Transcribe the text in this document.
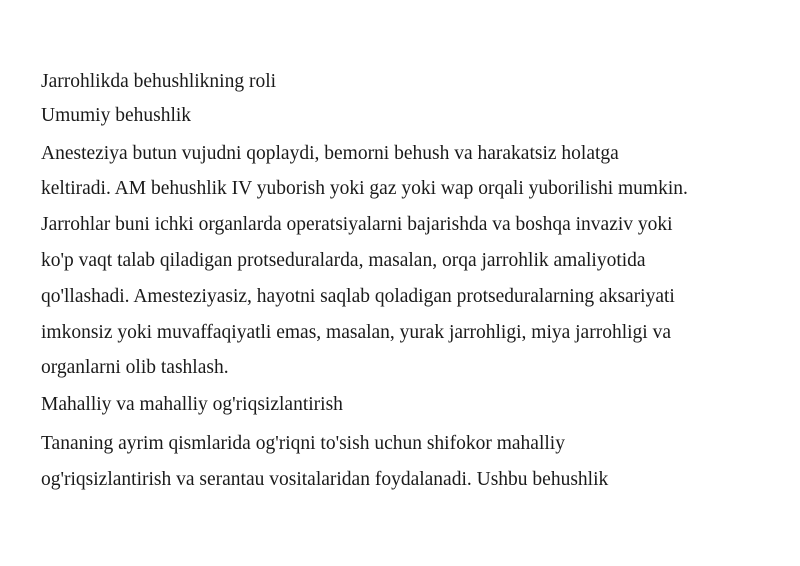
Jarrohlikda behushlikning roli
Umumiy behushlik
Anesteziya butun vujudni qoplaydi, bemorni behush va harakatsiz holatga
keltiradi. AM behushlik IV yuborish yoki gaz yoki wap orqali yuborilishi mumkin.
Jarrohlar buni ichki organlarda operatsiyalarni bajarishda va boshqa invaziv yoki
ko'p vaqt talab qiladigan protseduralarda, masalan, orqa jarrohlik amaliyotida
qo'llashadi. Amesteziyasiz, hayotni saqlab qoladigan protseduralarning aksariyati
imkonsiz yoki muvaffaqiyatli emas, masalan, yurak jarrohligi, miya jarrohligi va
organlarni olib tashlash.
Mahalliy va mahalliy og'riqsizlantirish
Tananing ayrim qismlarida og'riqni to'sish uchun shifokor mahalliy
og'riqsizlantirish va serantau vositalaridan foydalanadi. Ushbu behushlik
